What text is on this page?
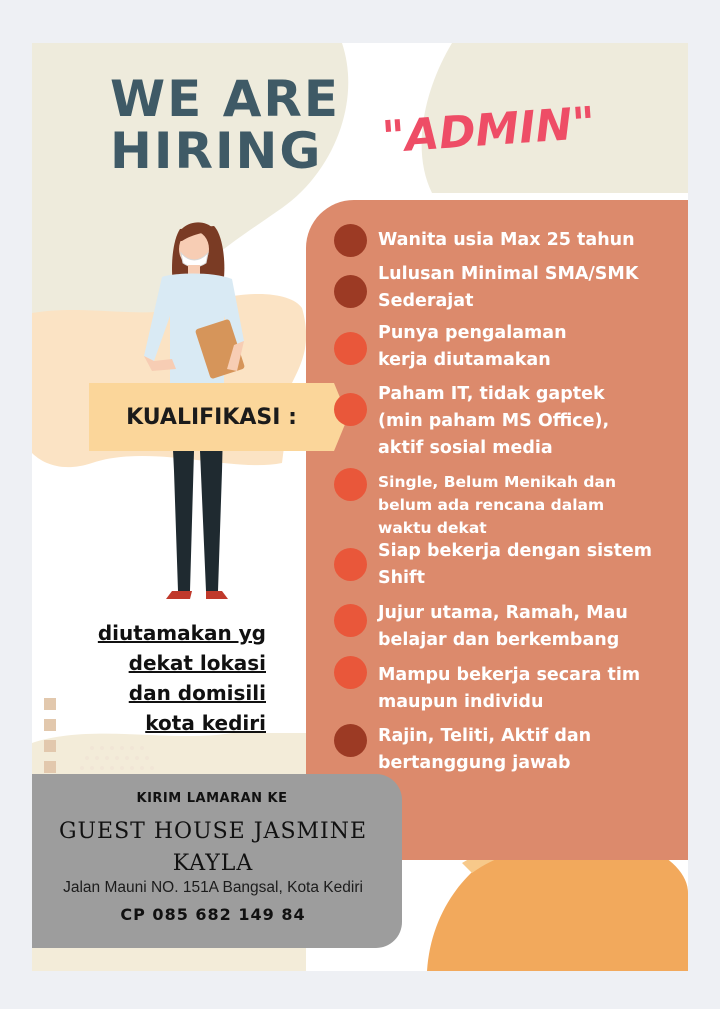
WE ARE
HIRING	"ADMIN"
KUALIFIKASI :
Wanita usia Max 25 tahun
Lulusan Minimal SMA/SMK
Sederajat
Punya pengalaman
kerja diutamakan
Paham IT, tidak gaptek
(min paham MS Office),
aktif sosial media
Single, Belum Menikah dan
belum ada rencana dalam
waktu dekat
Siap bekerja dengan sistem
Shift
Jujur utama, Ramah, Mau
belajar dan berkembang
Mampu bekerja secara tim
maupun individu
Rajin, Teliti, Aktif dan
bertanggung jawab
diutamakan yg
dekat lokasi
dan domisili
kota kediri
KIRIM LAMARAN KE
GUEST HOUSE JASMINE
KAYLA
Jalan Mauni NO. 151A Bangsal, Kota Kediri
CP 085 682 149 84
